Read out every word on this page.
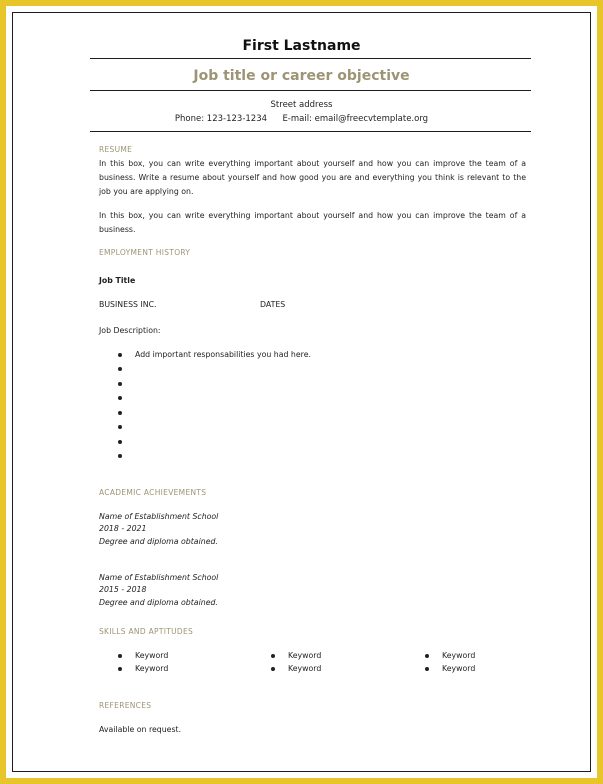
First Lastname
Job title or career objective
Street address
Phone: 123-123-1234 E-mail: email@freecvtemplate.org
RESUME
In this box, you can write everything important about yourself and how you can improve the team of a business. Write a resume about yourself and how good you are and everything you think is relevant to the job you are applying on.
In this box, you can write everything important about yourself and how you can improve the team of a business.
EMPLOYMENT HISTORY
Job Title
BUSINESS INC.	DATES
Job Description:
Add important responsabilities you had here.
ACADEMIC ACHIEVEMENTS
Name of Establishment School
2018 - 2021
Degree and diploma obtained.
Name of Establishment School
2015 - 2018
Degree and diploma obtained.
SKILLS AND APTITUDES
Keyword
Keyword
Keyword
Keyword
Keyword
Keyword
REFERENCES
Available on request.
